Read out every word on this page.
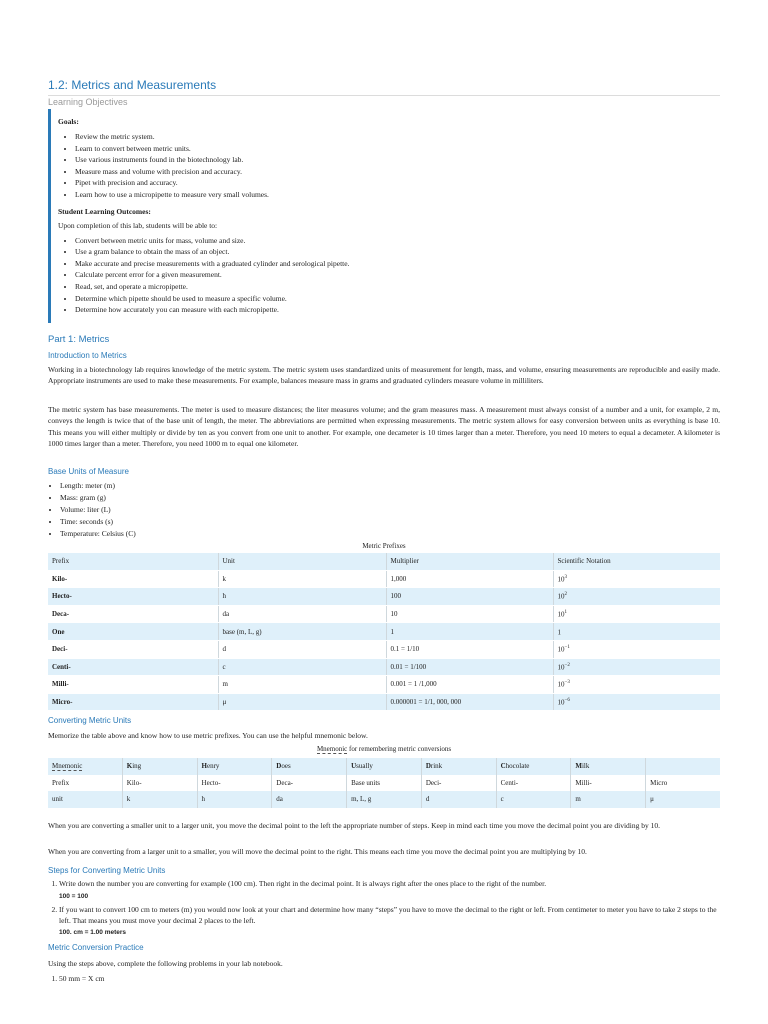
1.2: Metrics and Measurements
Learning Objectives
Goals:
• Review the metric system.
• Learn to convert between metric units.
• Use various instruments found in the biotechnology lab.
• Measure mass and volume with precision and accuracy.
• Pipet with precision and accuracy.
• Learn how to use a micropipette to measure very small volumes.
Student Learning Outcomes:
Upon completion of this lab, students will be able to:
• Convert between metric units for mass, volume and size.
• Use a gram balance to obtain the mass of an object.
• Make accurate and precise measurements with a graduated cylinder and serological pipette.
• Calculate percent error for a given measurement.
• Read, set, and operate a micropipette.
• Determine which pipette should be used to measure a specific volume.
• Determine how accurately you can measure with each micropipette.
Part 1: Metrics
Introduction to Metrics

Working in a biotechnology lab requires knowledge of the metric system. The metric system uses standardized units of measurement for length, mass, and volume, ensuring measurements are reproducible and easily made. Appropriate instruments are used to make these measurements. For example, balances measure mass in grams and graduated cylinders measure volume in milliliters.

The metric system has base measurements. The meter is used to measure distances; the liter measures volume; and the gram measures mass. A measurement must always consist of a number and a unit, for example, 2 m, conveys the length is twice that of the base unit of length, the meter. The abbreviations are permitted when expressing measurements. The metric system allows for easy conversion between units as everything is base 10. This means you will either multiply or divide by ten as you convert from one unit to another. For example, one decameter is 10 times larger than a meter. Therefore, you need 10 meters to equal a decameter. A kilometer is 1000 times larger than a meter. Therefore, you need 1000 m to equal one kilometer.

Base Units of Measure
• Length: meter (m)
• Mass: gram (g)
• Volume: liter (L)
• Time: seconds (s)
• Temperature: Celsius (C)
Metric Prefixes
Prefix	Unit	Multiplier	Scientific Notation
Kilo-	k	1,000	$10^3$
Hecto-	h	100	$10^2$
Deca-	da	10	$10^1$
One	base (m, L, g)	1	1
Deci-	d	0.1 = 1/10	$10^{-1}$
Centi-	c	0.01 = 1/100	$10^{-2}$
Milli-	m	0.001 = 1 /1,000	$10^{-3}$
Micro-	μ	0.000001 = 1/1, 000, 000	$10^{-6}$
Converting Metric Units

Memorize the table above and know how to use metric prefixes. You can use the helpful mnemonic below.

Mnemonic for remembering metric conversions
Mnemonic	King	Henry	Does	Usually	Drink	Chocolate	Milk	
Prefix	Kilo-	Hecto-	Deca-	Base units	Deci-	Centi-	Milli-	Micro
unit	k	h	da	m, L, g	d	c	m	μ

When you are converting a smaller unit to a larger unit, you move the decimal point to the left the appropriate number of steps. Keep in mind each time you move the decimal point you are dividing by 10.

When you are converting from a larger unit to a smaller, you will move the decimal point to the right. This means each time you move the decimal point you are multiplying by 10.

Steps for Converting Metric Units
1. Write down the number you are converting for example (100 cm). Then right in the decimal point. It is always right after the ones place to the right of the number.
100 = 100
2. If you want to convert 100 cm to meters (m) you would now look at your chart and determine how many “steps” you have to move the decimal to the right or left. From centimeter to meter you have to take 2 steps to the left. That means you must move your decimal 2 places to the left.
100. cm = 1.00 meters
Metric Conversion Practice

Using the steps above, complete the following problems in your lab notebook.

1. 50 mm = X cm
